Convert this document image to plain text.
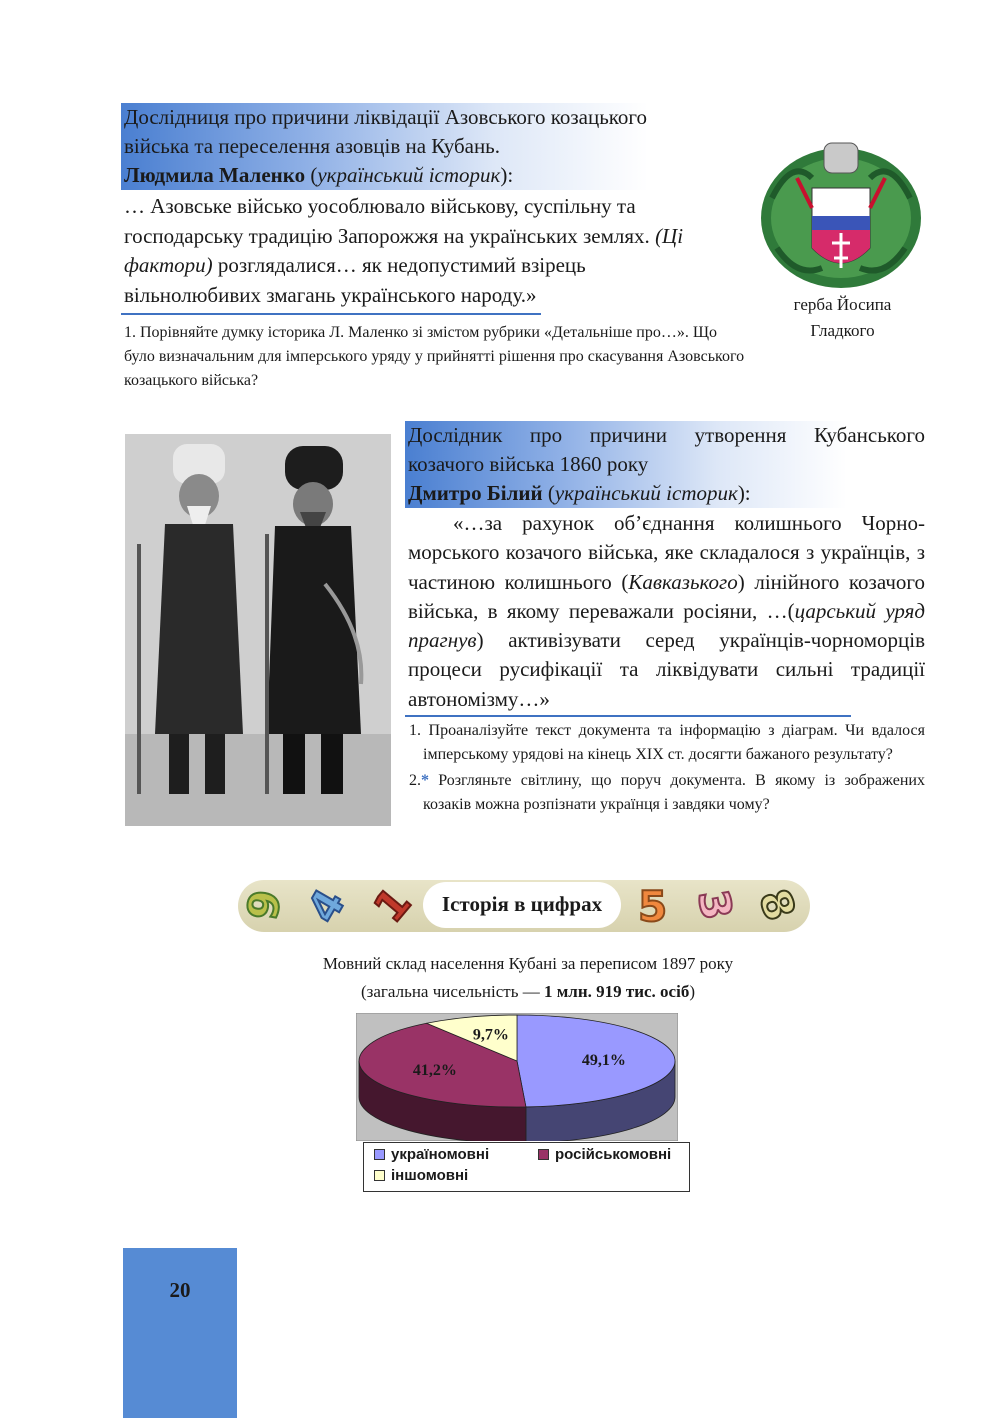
Дослідниця про причини ліквідації Азовського козацького
війська та переселення азовців на Кубань.
Людмила Маленко (український історик):
… Азовське військо уособлювало військову, суспільну та господарську традицію Запорожжя на українських землях. (Ці фактори) розглядалися… як недопустимий взірець вільнолюбивих змагань українського народу.»
1. Порівняйте думку історика Л. Маленко зі змістом рубрики «Детальніше про…». Що було визначальним для імперського уряду у прийнятті рішення про скасування Азовського козацького війська?
герба Йосипа
Гладкого
Дослідник про причини утворення Кубанського
козачого війська 1860 року
Дмитро Білий (український історик):
«…за рахунок об’єднання колишнього Чорно-морського козачого війська, яке складалося з українців, з частиною колишнього (Кавказького) лінійного козачого війська, в якому переважали росіяни, …(царський уряд прагнув) активізувати серед українців-чорноморців процеси русифікації та ліквідувати сильні традиції автономізму…»
1. Проаналізуйте текст документа та інформацію з діаграм. Чи вдалося імперському урядові на кінець ХІХ ст. досягти бажаного результату?
2.* Розгляньте світлину, що поруч документа. В якому із зображених козаків можна розпізнати українця і завдяки чому?
9 4 1	Історія в цифрах 5 3 8
Мовний склад населення Кубані за переписом 1897 року
(загальна чисельність — 1 млн. 919 тис. осіб)
49,1%
41,2%
9,7%
україномовні	російськомовні
іншомовні
20
